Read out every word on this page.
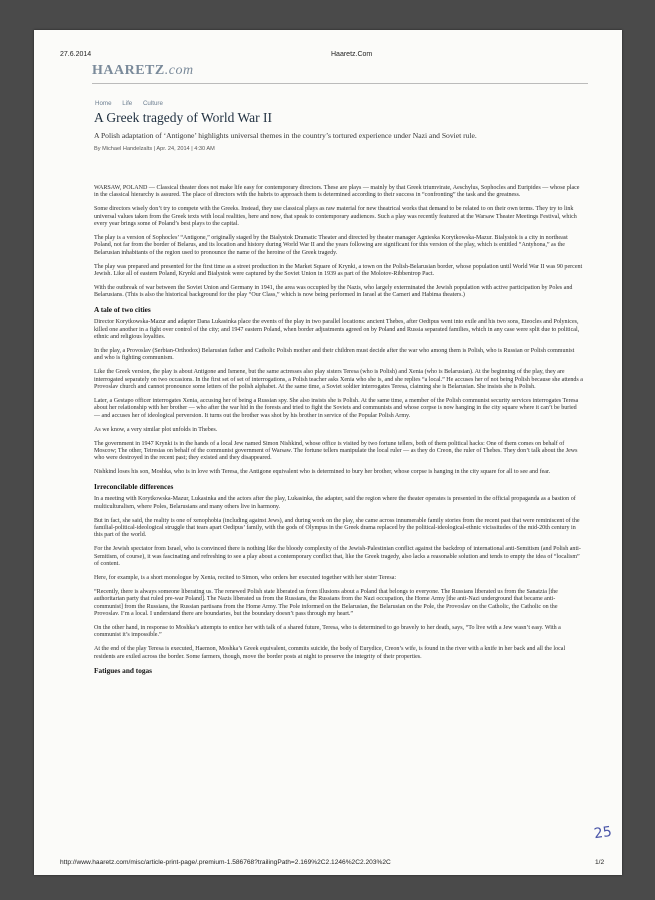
27.6.2014	Haaretz.Com
HAARETZ.com
Home Life Culture
A Greek tragedy of World War II
A Polish adaptation of ‘Antigone’ highlights universal themes in the country’s tortured experience under Nazi and Soviet rule.
By Michael Handelzalts | Apr. 24, 2014 | 4:30 AM

WARSAW, POLAND — Classical theater does not make life easy for contemporary directors. These are plays — mainly by that Greek triumvirate, Aeschylus, Sophocles and Euripides — whose place in the classical hierarchy is assured. The place of directors with the hubris to approach them is determined according to their success in “confronting” the task and the greatness.

Some directors wisely don’t try to compete with the Greeks. Instead, they use classical plays as raw material for new theatrical works that demand to be related to on their own terms. They try to link universal values taken from the Greek texts with local realities, here and now, that speak to contemporary audiences. Such a play was recently featured at the Warsaw Theater Meetings Festival, which every year brings some of Poland’s best plays to the capital.

The play is a version of Sophocles’ “Antigone,” originally staged by the Bialystok Dramatic Theater and directed by theater manager Agnieska Korytkowska-Mazur. Bialystok is a city in northeast Poland, not far from the border of Belarus, and its location and history during World War II and the years following are significant for this version of the play, which is entitled “Antyhona,” as the Belarusian inhabitants of the region used to pronounce the name of the heroine of the Greek tragedy.

The play was prepared and presented for the first time as a street production in the Market Square of Krynki, a town on the Polish-Belarusian border, whose population until World War II was 90 percent Jewish. Like all of eastern Poland, Krynki and Bialystok were captured by the Soviet Union in 1939 as part of the Molotov-Ribbentrop Pact.

With the outbreak of war between the Soviet Union and Germany in 1941, the area was occupied by the Nazis, who largely exterminated the Jewish population with active participation by Poles and Belarusians. (This is also the historical background for the play “Our Class,” which is now being performed in Israel at the Cameri and Habima theaters.)

A tale of two cities

Director Korytkowska-Mazur and adapter Dana Lukasinka place the events of the play in two parallel locations: ancient Thebes, after Oedipus went into exile and his two sons, Eteocles and Polynices, killed one another in a fight over control of the city; and 1947 eastern Poland, when border adjustments agreed on by Poland and Russia separated families, which in any case were split due to political, ethnic and religious loyalties.

In the play, a Provoslav (Serbian-Orthodox) Belarusian father and Catholic Polish mother and their children must decide after the war who among them is Polish, who is Russian or Polish communist and who is fighting communism.

Like the Greek version, the play is about Antigone and Ismene, but the same actresses also play sisters Teresa (who is Polish) and Xenia (who is Belarusian). At the beginning of the play, they are interrogated separately on two occasions. In the first set of set of interrogations, a Polish teacher asks Xenia who she is, and she replies “a local.” He accuses her of not being Polish because she attends a Provoslav church and cannot pronounce some letters of the polish alphabet. At the same time, a Soviet soldier interrogates Teresa, claiming she is Belarusian. She insists she is Polish.

Later, a Gestapo officer interrogates Xenia, accusing her of being a Russian spy. She also insists she is Polish. At the same time, a member of the Polish communist security services interrogates Teresa about her relationship with her brother — who after the war hid in the forests and tried to fight the Soviets and communists and whose corpse is now hanging in the city square where it can’t be buried — and accuses her of ideological perversion. It turns out the brother was shot by his brother in service of the Popular Polish Army.

As we know, a very similar plot unfolds in Thebes.

The government in 1947 Krynki is in the hands of a local Jew named Simon Nishkind, whose office is visited by two fortune tellers, both of them political hacks: One of them comes on behalf of Moscow; The other, Teiresias on behalf of the communist government of Warsaw. The fortune tellers manipulate the local ruler — as they do Creon, the ruler of Thebes. They don’t talk about the Jews who were destroyed in the recent past; they existed and they disappeared.

Nishkind loses his son, Moshka, who is in love with Teresa, the Antigone equivalent who is determined to bury her brother, whose corpse is hanging in the city square for all to see and fear.

Irreconcilable differences

In a meeting with Korytkowska-Mazur, Lukasinka and the actors after the play, Lukasinka, the adapter, said the region where the theater operates is presented in the official propaganda as a bastion of multiculturalism, where Poles, Belarusians and many others live in harmony.

But in fact, she said, the reality is one of xenophobia (including against Jews), and during work on the play, she came across innumerable family stories from the recent past that were reminiscent of the familial-political-ideological struggle that tears apart Oedipus’ family, with the gods of Olympus in the Greek drama replaced by the political-ideological-ethnic vicissitudes of the mid-20th century in this part of the world.

For the Jewish spectator from Israel, who is convinced there is nothing like the bloody complexity of the Jewish-Palestinian conflict against the backdrop of international anti-Semitism (and Polish anti-Semitism, of course), it was fascinating and refreshing to see a play about a contemporary conflict that, like the Greek tragedy, also lacks a reasonable solution and tends to empty the idea of “localism” of content.

Here, for example, is a short monologue by Xenia, recited to Simon, who orders her executed together with her sister Teresa:

“Recently, there is always someone liberating us. The renewed Polish state liberated us from illusions about a Poland that belongs to everyone. The Russians liberated us from the Sanatzia [the authoritarian party that ruled pre-war Poland]. The Nazis liberated us from the Russians, the Russians from the Nazi occupation, the Home Army [the anti-Nazi underground that became anti-communist] from the Russians, the Russian partisans from the Home Army. The Pole informed on the Belarusian, the Belarusian on the Pole, the Provoslav on the Catholic, the Catholic on the Provoslav. I’m a local. I understand there are boundaries, but the boundary doesn’t pass through my heart.”

On the other hand, in response to Moshka’s attempts to entice her with talk of a shared future, Teresa, who is determined to go bravely to her death, says, “To live with a Jew wasn’t easy. With a communist it’s impossible.”

At the end of the play Teresa is executed, Haemon, Moshka’s Greek equivalent, commits suicide, the body of Eurydice, Creon’s wife, is found in the river with a knife in her back and all the local residents are exiled across the border. Some farmers, though, move the border posts at night to preserve the integrity of their properties.

Fatigues and togas
25
http://www.haaretz.com/misc/article-print-page/.premium-1.586768?trailingPath=2.169%2C2.1246%2C2.203%2C	1/2
